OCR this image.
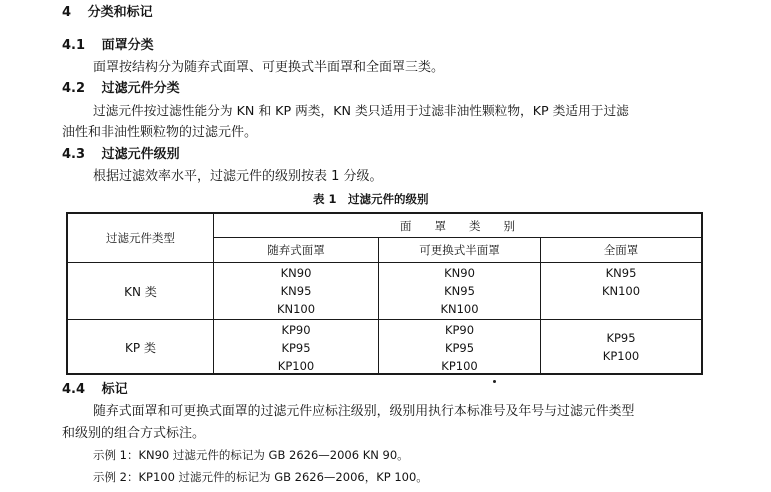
4 分类和标记
4.1 面罩分类
面罩按结构分为随弃式面罩、可更换式半面罩和全面罩三类。
4.2 过滤元件分类
过滤元件按过滤性能分为 KN 和 KP 两类，KN 类只适用于过滤非油性颗粒物，KP 类适用于过滤
油性和非油性颗粒物的过滤元件。
4.3 过滤元件级别
根据过滤效率水平，过滤元件的级别按表 1 分级。
表 1　过滤元件的级别
过滤元件类型
面　　罩　　类　　别
随弃式面罩	可更换式半面罩	全面罩
KN 类
KN90
KN95
KN100
KN90
KN95
KN100
KN95
KN100
KP 类
KP90
KP95
KP100
KP90
KP95
KP100
KP95
KP100
4.4 标记
随弃式面罩和可更换式面罩的过滤元件应标注级别，级别用执行本标准号及年号与过滤元件类型
和级别的组合方式标注。
示例 1：KN90 过滤元件的标记为 GB 2626—2006 KN 90。
示例 2：KP100 过滤元件的标记为 GB 2626—2006，KP 100。
